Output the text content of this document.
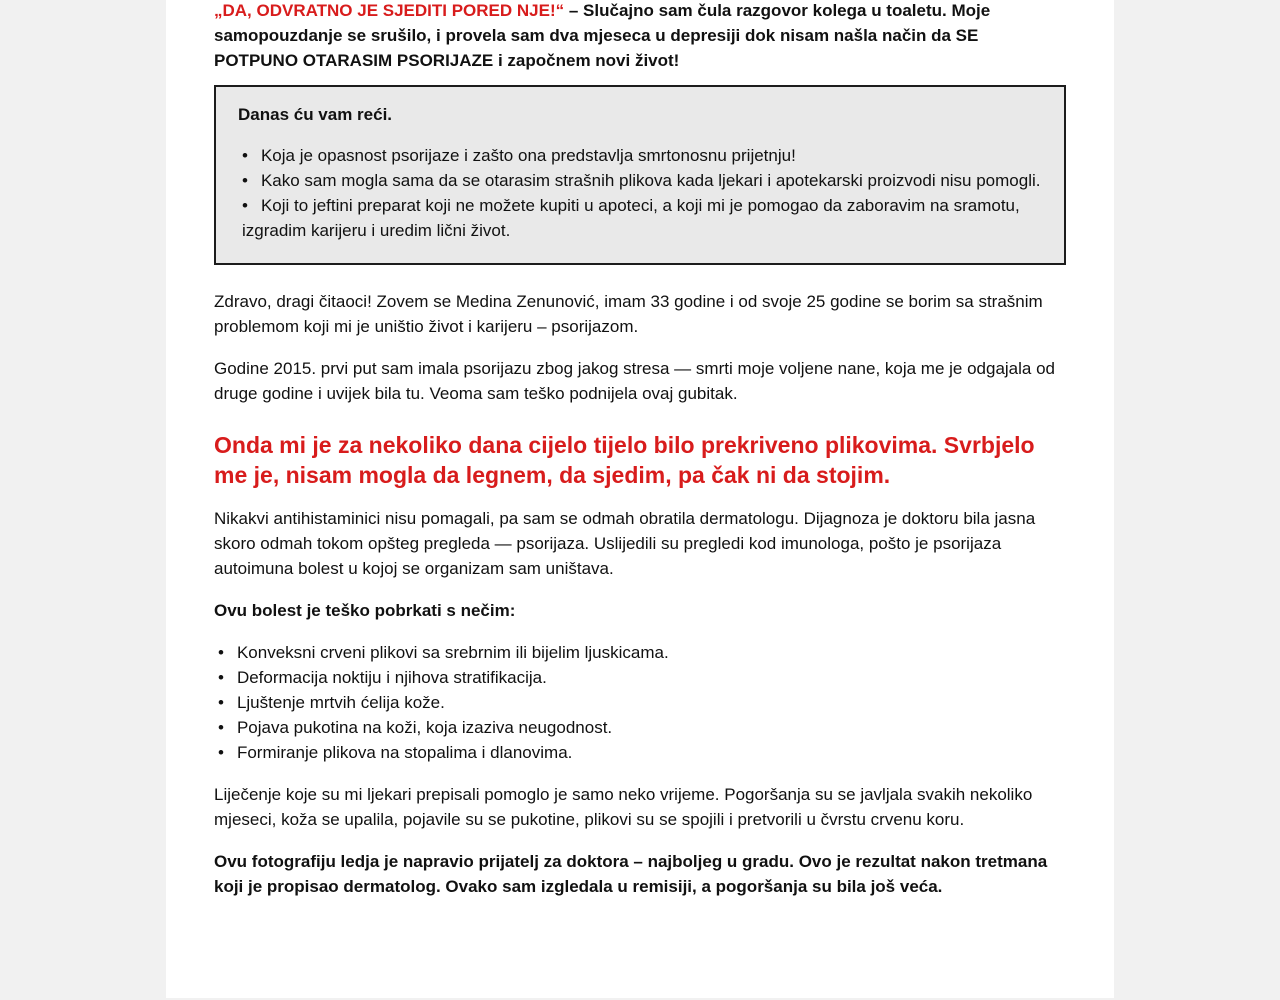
„DA, ODVRATNO JE SJEDITI PORED NJE!“ – Slučajno sam čula razgovor kolega u toaletu. Moje samopouzdanje se srušilo, i provela sam dva mjeseca u depresiji dok nisam našla način da SE POTPUNO OTARASIM PSORIJAZE i započnem novi život!

Danas ću vam reći.

• Koja je opasnost psorijaze i zašto ona predstavlja smrtonosnu prijetnju!
• Kako sam mogla sama da se otarasim strašnih plikova kada ljekari i apotekarski proizvodi nisu pomogli.
• Koji to jeftini preparat koji ne možete kupiti u apoteci, a koji mi je pomogao da zaboravim na sramotu, izgradim karijeru i uredim lični život.

Zdravo, dragi čitaoci! Zovem se Medina Zenunović, imam 33 godine i od svoje 25 godine se borim sa strašnim problemom koji mi je uništio život i karijeru – psorijazom.

Godine 2015. prvi put sam imala psorijazu zbog jakog stresa — smrti moje voljene nane, koja me je odgajala od druge godine i uvijek bila tu. Veoma sam teško podnijela ovaj gubitak.

Onda mi je za nekoliko dana cijelo tijelo bilo prekriveno plikovima. Svrbjelo me je, nisam mogla da legnem, da sjedim, pa čak ni da stojim.

Nikakvi antihistaminici nisu pomagali, pa sam se odmah obratila dermatologu. Dijagnoza je doktoru bila jasna skoro odmah tokom opšteg pregleda — psorijaza. Uslijedili su pregledi kod imunologa, pošto je psorijaza autoimuna bolest u kojoj se organizam sam uništava.

Ovu bolest je teško pobrkati s nečim:

• Konveksni crveni plikovi sa srebrnim ili bijelim ljuskicama.
• Deformacija noktiju i njihova stratifikacija.
• Ljuštenje mrtvih ćelija kože.
• Pojava pukotina na koži, koja izaziva neugodnost.
• Formiranje plikova na stopalima i dlanovima.

Liječenje koje su mi ljekari prepisali pomoglo je samo neko vrijeme. Pogoršanja su se javljala svakih nekoliko mjeseci, koža se upalila, pojavile su se pukotine, plikovi su se spojili i pretvorili u čvrstu crvenu koru.

Ovu fotografiju ledja je napravio prijatelj za doktora – najboljeg u gradu. Ovo je rezultat nakon tretmana koji je propisao dermatolog. Ovako sam izgledala u remisiji, a pogoršanja su bila još veća.
